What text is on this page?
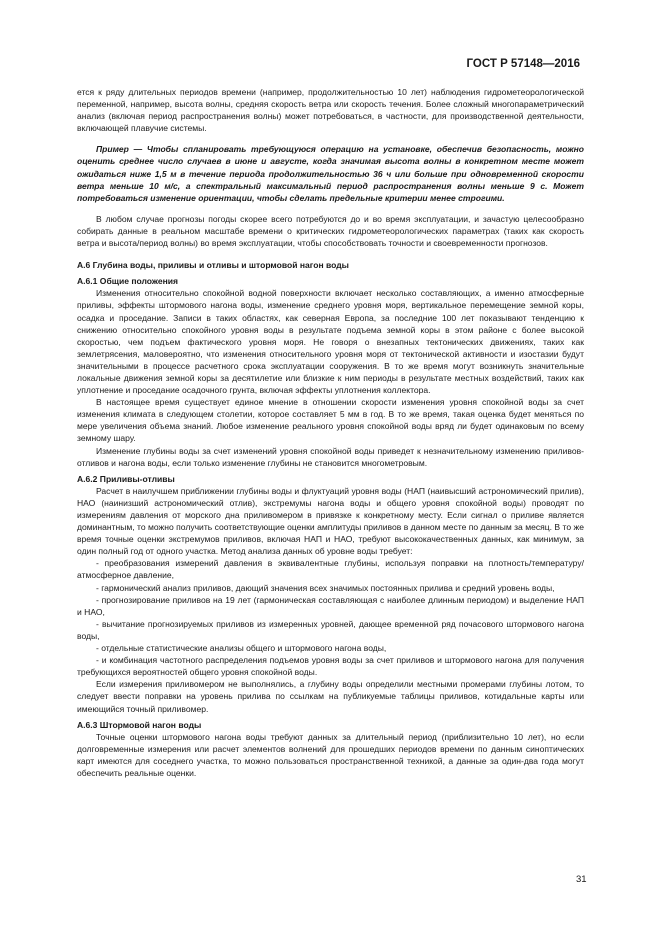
ГОСТ Р 57148—2016

ется к ряду длительных периодов времени (например, продолжительностью 10 лет) наблюдения гидрометеорологической переменной, например, высота волны, средняя скорость ветра или скорость течения. Более сложный многопараметрический анализ (включая период распространения волны) может потребоваться, в частности, для производственной деятельности, включающей плавучие системы.

Пример — Чтобы спланировать требующуюся операцию на установке, обеспечив безопасность, можно оценить среднее число случаев в июне и августе, когда значимая высота волны в конкретном месте может ожидаться ниже 1,5 м в течение периода продолжительностью 36 ч или больше при одновременной скорости ветра меньше 10 м/с, а спектральный максимальный период распространения волны меньше 9 с. Может потребоваться изменение ориентации, чтобы сделать предельные критерии менее строгими.

В любом случае прогнозы погоды скорее всего потребуются до и во время эксплуатации, и зачастую целесообразно собирать данные в реальном масштабе времени о критических гидрометеорологических параметрах (таких как скорость ветра и высота/период волны) во время эксплуатации, чтобы способствовать точности и своевременности прогнозов.

А.6 Глубина воды, приливы и отливы и штормовой нагон воды

А.6.1 Общие положения

Изменения относительно спокойной водной поверхности включает несколько составляющих, а именно атмосферные приливы, эффекты штормового нагона воды, изменение среднего уровня моря, вертикальное перемещение земной коры, осадка и проседание. Записи в таких областях, как северная Европа, за последние 100 лет показывают тенденцию к снижению относительно спокойного уровня воды в результате подъема земной коры в этом районе с более высокой скоростью, чем подъем фактического уровня моря. Не говоря о внезапных тектонических движениях, таких как землетрясения, маловероятно, что изменения относительного уровня моря от тектонической активности и изостазии будут значительными в процессе расчетного срока эксплуатации сооружения. В то же время могут возникнуть значительные локальные движения земной коры за десятилетие или близкие к ним периоды в результате местных воздействий, таких как уплотнение и проседание осадочного грунта, включая эффекты уплотнения коллектора.

В настоящее время существует единое мнение в отношении скорости изменения уровня спокойной воды за счет изменения климата в следующем столетии, которое составляет 5 мм в год. В то же время, такая оценка будет меняться по мере увеличения объема знаний. Любое изменение реального уровня спокойной воды вряд ли будет одинаковым по всему земному шару.

Изменение глубины воды за счет изменений уровня спокойной воды приведет к незначительному изменению приливов-отливов и нагона воды, если только изменение глубины не становится многометровым.

А.6.2 Приливы-отливы

Расчет в наилучшем приближении глубины воды и флуктуаций уровня воды (НАП (наивысший астрономический прилив), НАО (наинизший астрономический отлив), экстремумы нагона воды и общего уровня спокойной воды) проводят по измерениям давления от морского дна приливомером в привязке к конкретному месту. Если сигнал о приливе является доминантным, то можно получить соответствующие оценки амплитуды приливов в данном месте по данным за месяц. В то же время точные оценки экстремумов приливов, включая НАП и НАО, требуют высококачественных данных, как минимум, за один полный год от одного участка. Метод анализа данных об уровне воды требует:

- преобразования измерений давления в эквивалентные глубины, используя поправки на плотность/температуру/атмосферное давление,

- гармонический анализ приливов, дающий значения всех значимых постоянных прилива и средний уровень воды,

- прогнозирование приливов на 19 лет (гармоническая составляющая с наиболее длинным периодом) и выделение НАП и НАО,

- вычитание прогнозируемых приливов из измеренных уровней, дающее временной ряд почасового штормового нагона воды,

- отдельные статистические анализы общего и штормового нагона воды,

- и комбинация частотного распределения подъемов уровня воды за счет приливов и штормового нагона для получения требующихся вероятностей общего уровня спокойной воды.

Если измерения приливомером не выполнялись, а глубину воды определили местными промерами глубины лотом, то следует ввести поправки на уровень прилива по ссылкам на публикуемые таблицы приливов, котидальные карты или имеющийся точный приливомер.

А.6.3 Штормовой нагон воды

Точные оценки штормового нагона воды требуют данных за длительный период (приблизительно 10 лет), но если долговременные измерения или расчет элементов волнений для прошедших периодов времени по данным синоптических карт имеются для соседнего участка, то можно пользоваться пространственной техникой, а данные за один-два года могут обеспечить реальные оценки.

31
